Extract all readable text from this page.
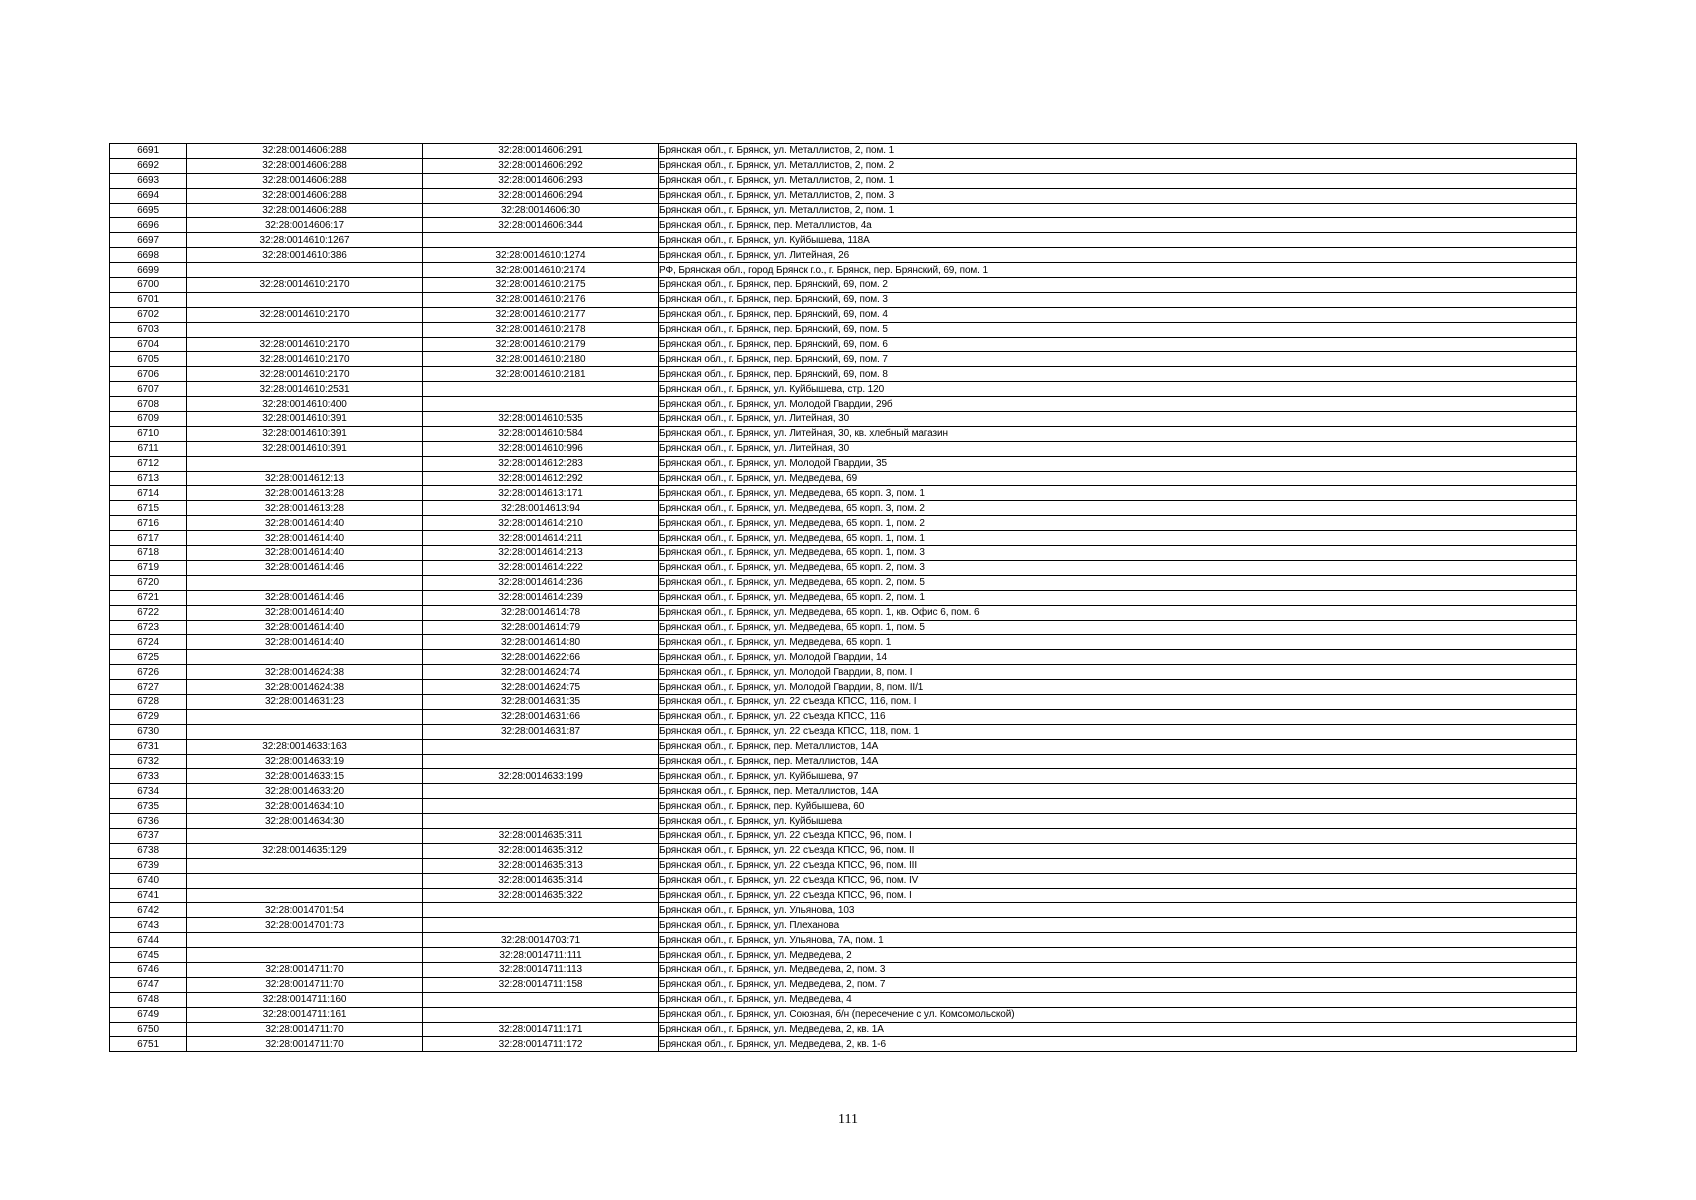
6691	32:28:0014606:288	32:28:0014606:291	Брянская обл., г. Брянск, ул. Металлистов, 2, пом. 1
6692	32:28:0014606:288	32:28:0014606:292	Брянская обл., г. Брянск, ул. Металлистов, 2, пом. 2
6693	32:28:0014606:288	32:28:0014606:293	Брянская обл., г. Брянск, ул. Металлистов, 2, пом. 1
6694	32:28:0014606:288	32:28:0014606:294	Брянская обл., г. Брянск, ул. Металлистов, 2, пом. 3
6695	32:28:0014606:288	32:28:0014606:30	Брянская обл., г. Брянск, ул. Металлистов, 2, пом. 1
6696	32:28:0014606:17	32:28:0014606:344	Брянская обл., г. Брянск, пер. Металлистов, 4а
6697	32:28:0014610:1267		Брянская обл., г. Брянск, ул. Куйбышева, 118А
6698	32:28:0014610:386	32:28:0014610:1274	Брянская обл., г. Брянск, ул. Литейная, 26
6699		32:28:0014610:2174	РФ, Брянская обл., город Брянск г.о., г. Брянск, пер. Брянский, 69, пом. 1
6700	32:28:0014610:2170	32:28:0014610:2175	Брянская обл., г. Брянск, пер. Брянский, 69, пом. 2
6701		32:28:0014610:2176	Брянская обл., г. Брянск, пер. Брянский, 69, пом. 3
6702	32:28:0014610:2170	32:28:0014610:2177	Брянская обл., г. Брянск, пер. Брянский, 69, пом. 4
6703		32:28:0014610:2178	Брянская обл., г. Брянск, пер. Брянский, 69, пом. 5
6704	32:28:0014610:2170	32:28:0014610:2179	Брянская обл., г. Брянск, пер. Брянский, 69, пом. 6
6705	32:28:0014610:2170	32:28:0014610:2180	Брянская обл., г. Брянск, пер. Брянский, 69, пом. 7
6706	32:28:0014610:2170	32:28:0014610:2181	Брянская обл., г. Брянск, пер. Брянский, 69, пом. 8
6707	32:28:0014610:2531		Брянская обл., г. Брянск, ул. Куйбышева, стр. 120
6708	32:28:0014610:400		Брянская обл., г. Брянск, ул. Молодой Гвардии, 29б
6709	32:28:0014610:391	32:28:0014610:535	Брянская обл., г. Брянск, ул. Литейная, 30
6710	32:28:0014610:391	32:28:0014610:584	Брянская обл., г. Брянск, ул. Литейная, 30, кв. хлебный магазин
6711	32:28:0014610:391	32:28:0014610:996	Брянская обл., г. Брянск, ул. Литейная, 30
6712		32:28:0014612:283	Брянская обл., г. Брянск, ул. Молодой Гвардии, 35
6713	32:28:0014612:13	32:28:0014612:292	Брянская обл., г. Брянск, ул. Медведева, 69
6714	32:28:0014613:28	32:28:0014613:171	Брянская обл., г. Брянск, ул. Медведева, 65 корп. 3, пом. 1
6715	32:28:0014613:28	32:28:0014613:94	Брянская обл., г. Брянск, ул. Медведева, 65 корп. 3, пом. 2
6716	32:28:0014614:40	32:28:0014614:210	Брянская обл., г. Брянск, ул. Медведева, 65 корп. 1, пом. 2
6717	32:28:0014614:40	32:28:0014614:211	Брянская обл., г. Брянск, ул. Медведева, 65 корп. 1, пом. 1
6718	32:28:0014614:40	32:28:0014614:213	Брянская обл., г. Брянск, ул. Медведева, 65 корп. 1, пом. 3
6719	32:28:0014614:46	32:28:0014614:222	Брянская обл., г. Брянск, ул. Медведева, 65 корп. 2, пом. 3
6720		32:28:0014614:236	Брянская обл., г. Брянск, ул. Медведева, 65 корп. 2, пом. 5
6721	32:28:0014614:46	32:28:0014614:239	Брянская обл., г. Брянск, ул. Медведева, 65 корп. 2, пом. 1
6722	32:28:0014614:40	32:28:0014614:78	Брянская обл., г. Брянск, ул. Медведева, 65 корп. 1, кв. Офис 6, пом. 6
6723	32:28:0014614:40	32:28:0014614:79	Брянская обл., г. Брянск, ул. Медведева, 65 корп. 1, пом. 5
6724	32:28:0014614:40	32:28:0014614:80	Брянская обл., г. Брянск, ул. Медведева, 65 корп. 1
6725		32:28:0014622:66	Брянская обл., г. Брянск, ул. Молодой Гвардии, 14
6726	32:28:0014624:38	32:28:0014624:74	Брянская обл., г. Брянск, ул. Молодой Гвардии, 8, пом. I
6727	32:28:0014624:38	32:28:0014624:75	Брянская обл., г. Брянск, ул. Молодой Гвардии, 8, пом. II/1
6728	32:28:0014631:23	32:28:0014631:35	Брянская обл., г. Брянск, ул. 22 съезда КПСС, 116, пом. I
6729		32:28:0014631:66	Брянская обл., г. Брянск, ул. 22 съезда КПСС, 116
6730		32:28:0014631:87	Брянская обл., г. Брянск, ул. 22 съезда КПСС, 118, пом. 1
6731	32:28:0014633:163		Брянская обл., г. Брянск, пер. Металлистов, 14А
6732	32:28:0014633:19		Брянская обл., г. Брянск, пер. Металлистов, 14А
6733	32:28:0014633:15	32:28:0014633:199	Брянская обл., г. Брянск, ул. Куйбышева, 97
6734	32:28:0014633:20		Брянская обл., г. Брянск, пер. Металлистов, 14А
6735	32:28:0014634:10		Брянская обл., г. Брянск, пер. Куйбышева, 60
6736	32:28:0014634:30		Брянская обл., г. Брянск, ул. Куйбышева
6737		32:28:0014635:311	Брянская обл., г. Брянск, ул. 22 съезда КПСС, 96, пом. I
6738	32:28:0014635:129	32:28:0014635:312	Брянская обл., г. Брянск, ул. 22 съезда КПСС, 96, пом. II
6739		32:28:0014635:313	Брянская обл., г. Брянск, ул. 22 съезда КПСС, 96, пом. III
6740		32:28:0014635:314	Брянская обл., г. Брянск, ул. 22 съезда КПСС, 96, пом. IV
6741		32:28:0014635:322	Брянская обл., г. Брянск, ул. 22 съезда КПСС, 96, пом. I
6742	32:28:0014701:54		Брянская обл., г. Брянск, ул. Ульянова, 103
6743	32:28:0014701:73		Брянская обл., г. Брянск, ул. Плеханова
6744		32:28:0014703:71	Брянская обл., г. Брянск, ул. Ульянова, 7А, пом. 1
6745		32:28:0014711:111	Брянская обл., г. Брянск, ул. Медведева, 2
6746	32:28:0014711:70	32:28:0014711:113	Брянская обл., г. Брянск, ул. Медведева, 2, пом. 3
6747	32:28:0014711:70	32:28:0014711:158	Брянская обл., г. Брянск, ул. Медведева, 2, пом. 7
6748	32:28:0014711:160		Брянская обл., г. Брянск, ул. Медведева, 4
6749	32:28:0014711:161		Брянская обл., г. Брянск, ул. Союзная, б/н (пересечение с ул. Комсомольской)
6750	32:28:0014711:70	32:28:0014711:171	Брянская обл., г. Брянск, ул. Медведева, 2, кв. 1А
6751	32:28:0014711:70	32:28:0014711:172	Брянская обл., г. Брянск, ул. Медведева, 2, кв. 1-6
111
